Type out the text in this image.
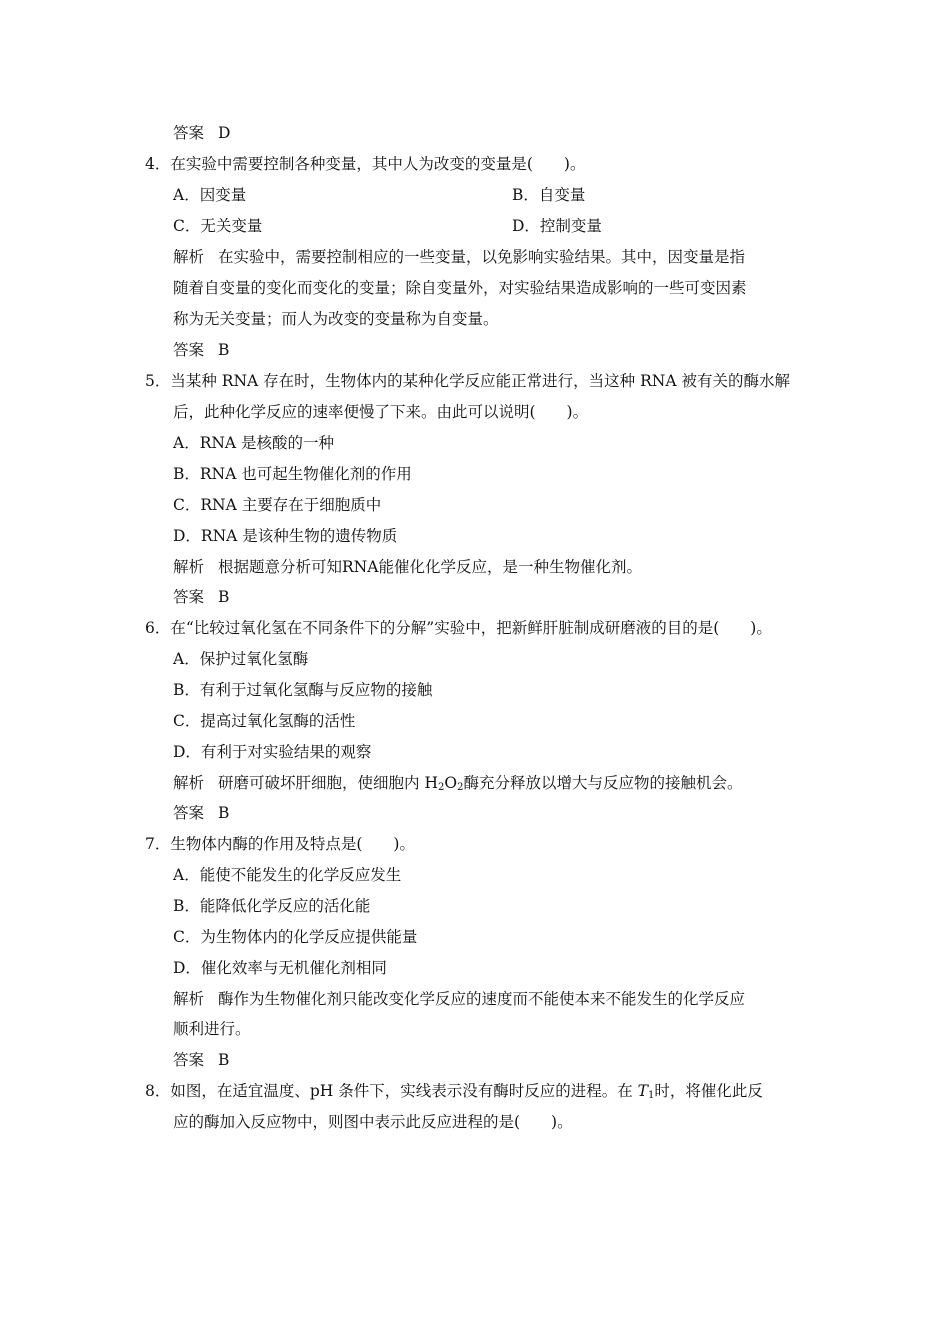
答案 D
4．在实验中需要控制各种变量，其中人为改变的变量是(　　)。
A．因变量	B．自变量
C．无关变量	D．控制变量
解析 在实验中，需要控制相应的一些变量，以免影响实验结果。其中，因变量是指
随着自变量的变化而变化的变量；除自变量外，对实验结果造成影响的一些可变因素
称为无关变量；而人为改变的变量称为自变量。
答案 B
5．当某种 RNA 存在时，生物体内的某种化学反应能正常进行，当这种 RNA 被有关的酶水解
后，此种化学反应的速率便慢了下来。由此可以说明(　　)。
A．RNA 是核酸的一种
B．RNA 也可起生物催化剂的作用
C．RNA 主要存在于细胞质中
D．RNA 是该种生物的遗传物质
解析 根据题意分析可知RNA能催化化学反应，是一种生物催化剂。
答案 B
6．在“比较过氧化氢在不同条件下的分解”实验中，把新鲜肝脏制成研磨液的目的是(　　)。
A．保护过氧化氢酶
B．有利于过氧化氢酶与反应物的接触
C．提高过氧化氢酶的活性
D．有利于对实验结果的观察
解析 研磨可破坏肝细胞，使细胞内 $H_2O_2$酶充分释放以增大与反应物的接触机会。
答案 B
7．生物体内酶的作用及特点是(　　)。
A．能使不能发生的化学反应发生
B．能降低化学反应的活化能
C．为生物体内的化学反应提供能量
D．催化效率与无机催化剂相同
解析 酶作为生物催化剂只能改变化学反应的速度而不能使本来不能发生的化学反应
顺利进行。
答案 B
8．如图，在适宜温度、pH 条件下，实线表示没有酶时反应的进程。在 $T_1$时，将催化此反
应的酶加入反应物中，则图中表示此反应进程的是(　　)。
